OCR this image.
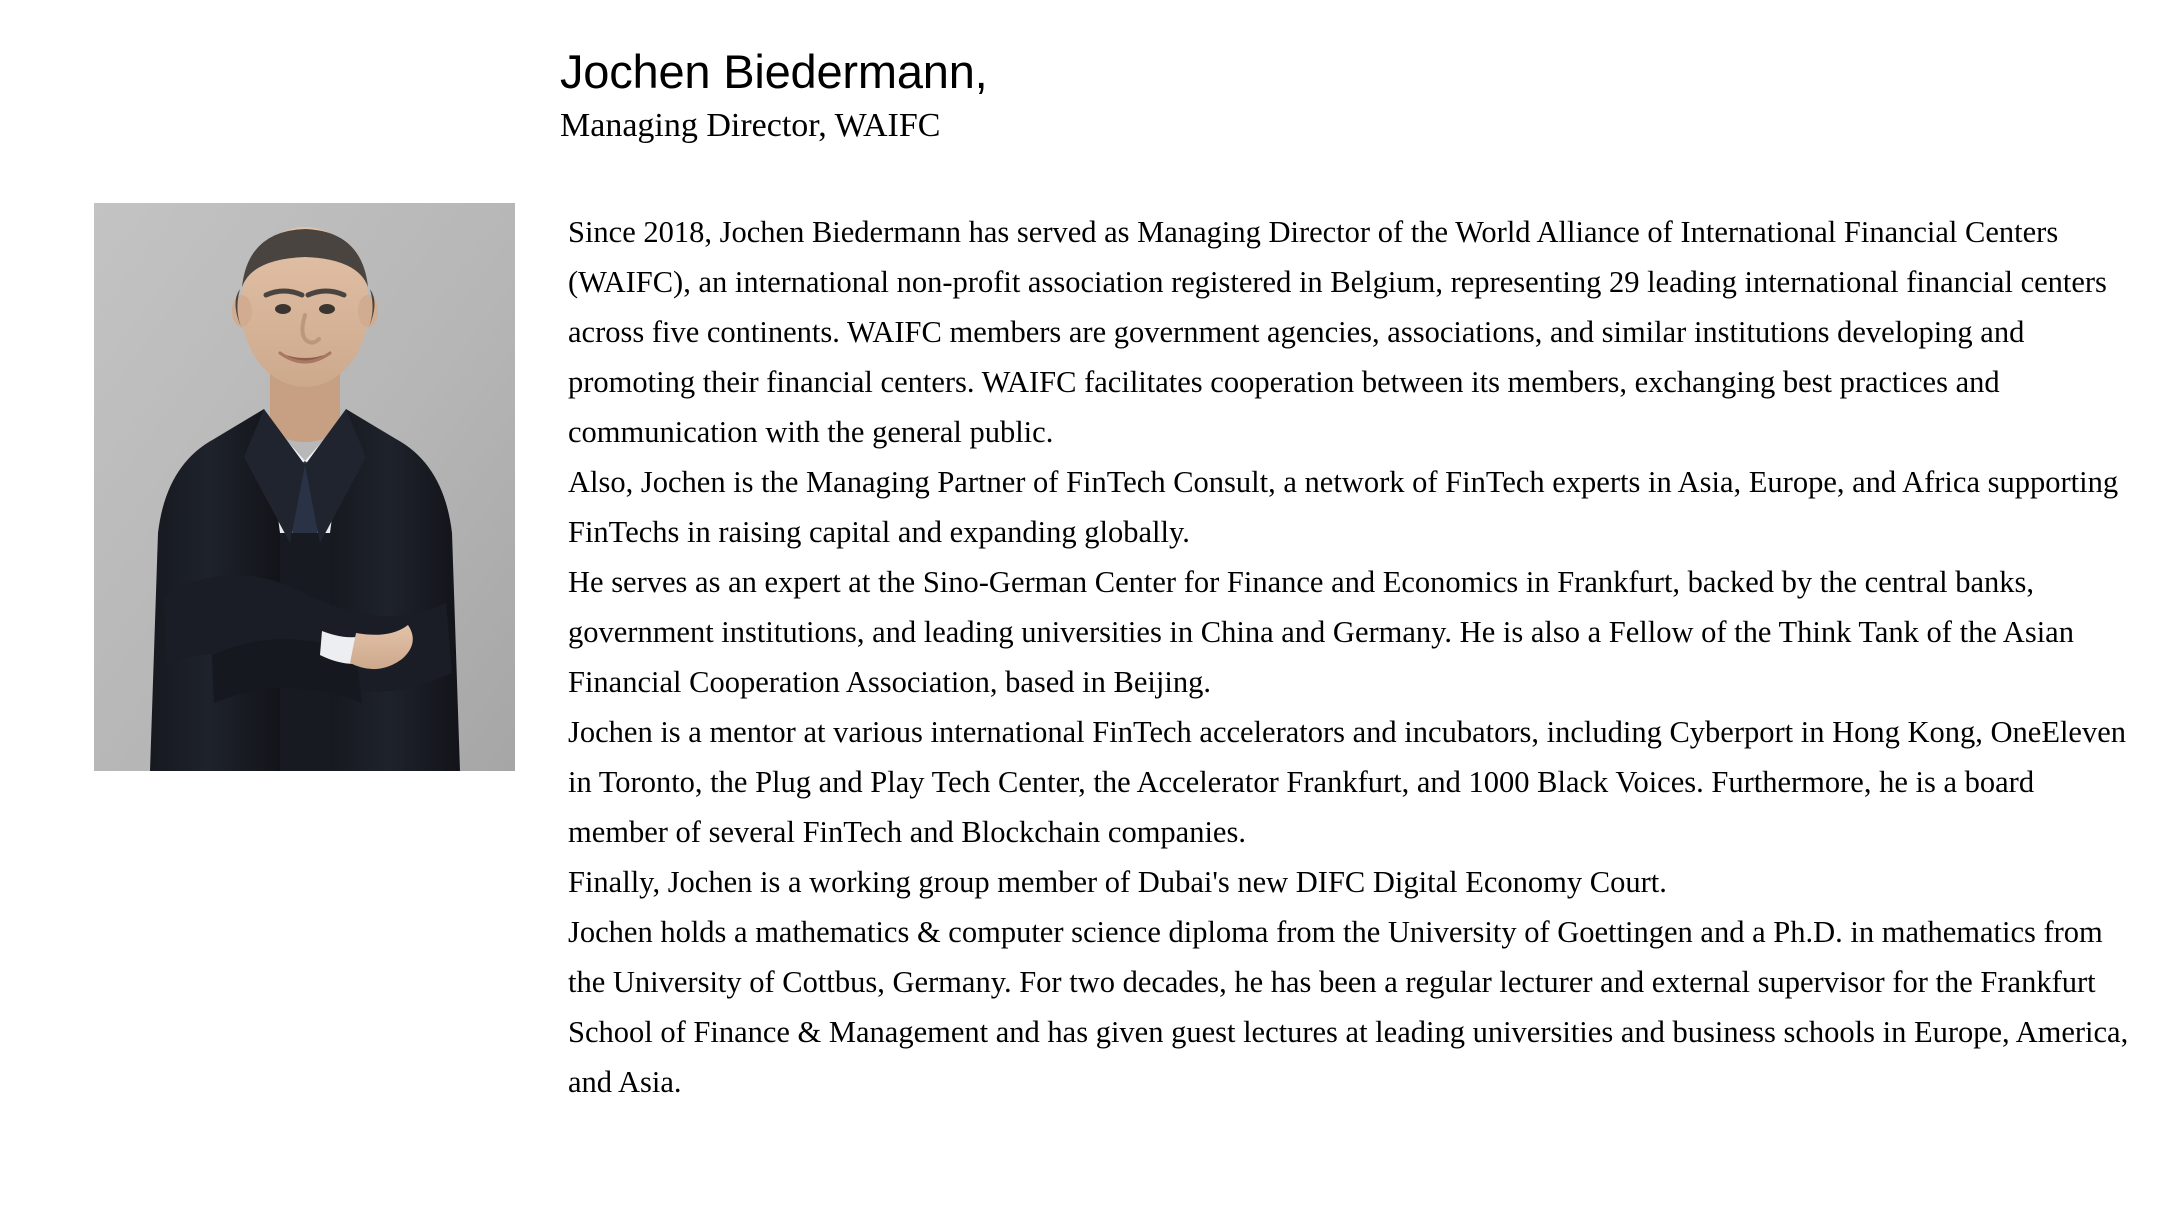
Jochen Biedermann,
Managing Director, WAIFC

Since 2018, Jochen Biedermann has served as Managing Director of the World Alliance of International Financial Centers (WAIFC), an international non-profit association registered in Belgium, representing 29 leading international financial centers across five continents. WAIFC members are government agencies, associations, and similar institutions developing and promoting their financial centers. WAIFC facilitates cooperation between its members, exchanging best practices and communication with the general public.

Also, Jochen is the Managing Partner of FinTech Consult, a network of FinTech experts in Asia, Europe, and Africa supporting FinTechs in raising capital and expanding globally.

He serves as an expert at the Sino-German Center for Finance and Economics in Frankfurt, backed by the central banks, government institutions, and leading universities in China and Germany. He is also a Fellow of the Think Tank of the Asian Financial Cooperation Association, based in Beijing.

Jochen is a mentor at various international FinTech accelerators and incubators, including Cyberport in Hong Kong, OneEleven in Toronto, the Plug and Play Tech Center, the Accelerator Frankfurt, and 1000 Black Voices. Furthermore, he is a board member of several FinTech and Blockchain companies.

Finally, Jochen is a working group member of Dubai's new DIFC Digital Economy Court.

Jochen holds a mathematics & computer science diploma from the University of Goettingen and a Ph.D. in mathematics from the University of Cottbus, Germany. For two decades, he has been a regular lecturer and external supervisor for the Frankfurt School of Finance & Management and has given guest lectures at leading universities and business schools in Europe, America, and Asia.
